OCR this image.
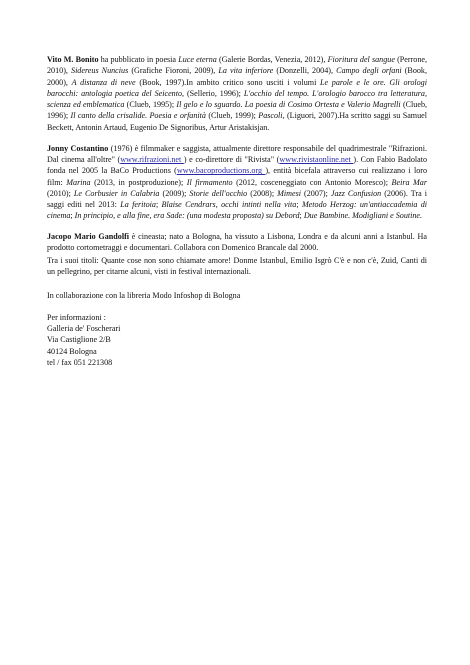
Vito M. Bonito ha pubblicato in poesia Luce eterna (Galerie Bordas, Venezia, 2012), Fioritura del sangue (Perrone, 2010), Sidereus Nuncius (Grafiche Fioroni, 2009), La vita inferiore (Donzelli, 2004), Campo degli orfani (Book, 2000), A distanza di neve (Book, 1997).In ambito critico sono usciti i volumi Le parole e le ore. Gli orologi barocchi: antologia poetica del Seicento, (Sellerio, 1996); L'occhio del tempo. L'orologio barocco tra letteratura, scienza ed emblematica (Clueb, 1995); Il gelo e lo sguardo. La poesia di Cosimo Ortesta e Valerio Magrelli (Clueb, 1996); Il canto della crisalide. Poesia e orfanità (Clueb, 1999); Pascoli, (Liguori, 2007).Ha scritto saggi su Samuel Beckett, Antonin Artaud, Eugenio De Signoribus, Artur Aristakisjan.

Jonny Costantino (1976) è filmmaker e saggista, attualmente direttore responsabile del quadrimestrale "Rifrazioni. Dal cinema all'oltre" (www.rifrazioni.net ) e co-direttore di "Rivista" (www.rivistaonline.net ). Con Fabio Badolato fonda nel 2005 la BaCo Productions (www.bacoproductions.org ), entità bicefala attraverso cui realizzano i loro film: Marina (2013, in postproduzione); Il firmamento (2012, cosceneggiato con Antonio Moresco); Beira Mar (2010); Le Corbusier in Calabria (2009); Storie dell'occhio (2008); Mimesi (2007); Jazz Confusion (2006). Tra i saggi editi nel 2013: La feritoia; Blaise Cendrars, occhi intinti nella vita; Metodo Herzog: un'antiaccademia di cinema; In principio, e alla fine, era Sade: (una modesta proposta) su Debord; Due Bambine. Modigliani e Soutine.

Jacopo Mario Gandolfi è cineasta; nato a Bologna, ha vissuto a Lisbona, Londra e da alcuni anni a Istanbul. Ha prodotto cortometraggi e documentari. Collabora con Domenico Brancale dal 2000.

Tra i suoi titoli: Quante cose non sono chiamate amore! Donme Istanbul, Emilio Isgrò C'è e non c'è, Zuid, Canti di un pellegrino, per citarne alcuni, visti in festival internazionali.

In collaborazione con la libreria Modo Infoshop di Bologna

Per informazioni :
Galleria de' Foscherari
Via Castiglione 2/B
40124 Bologna
tel / fax 051 221308
